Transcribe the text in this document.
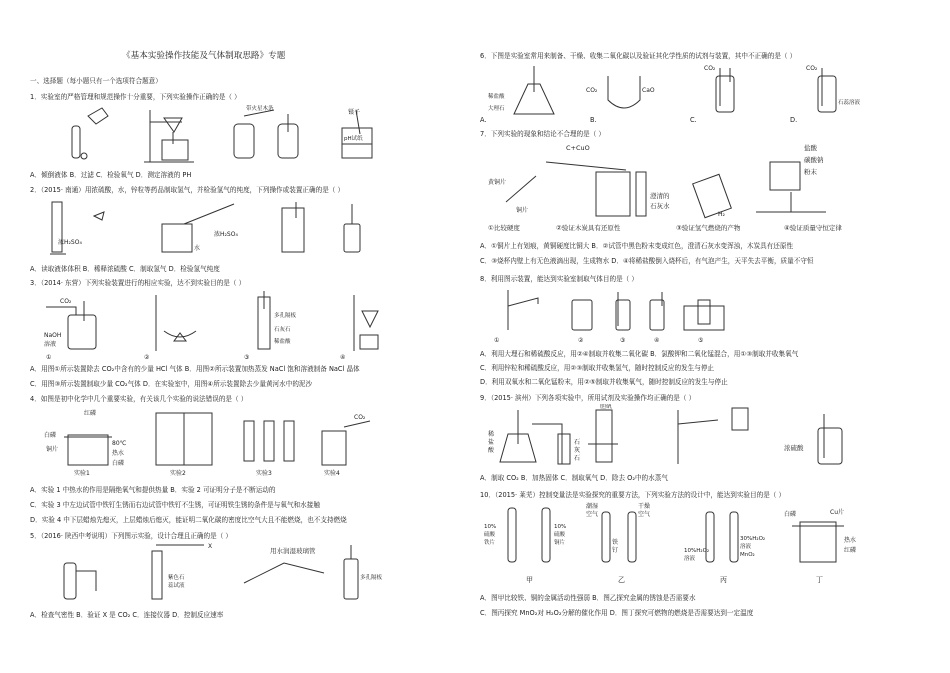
《基本实验操作技能及气体制取思路》专题
一、选择题（每小题只有一个选项符合题意）
1．实验室的严格管理和规范操作十分重要，下列实验操作正确的是（ ）
带火星木条	镊子
pH试纸
A．倾倒液体 B．过滤 C．检验氧气 D．测定溶液的 PH
2．（2015· 南通）用浓硫酸，水，锌粒等药品制取氢气，并检验氢气的纯度，下列操作或装置正确的是（ ）
浓H₂SO₄
浓H₂SO₄
水
A．读取液体体积 B．稀释浓硫酸 C．制取氢气 D．检验氢气纯度
3．（2014· 东营）下列实验装置进行的相应实验，达不到实验目的是（ ）
CO₂
NaOH
溶液
多孔隔板
石灰石
稀盐酸
①	②	③	④
A．用图①所示装置除去 CO₂中含有的少量 HCl 气体 B．用图②所示装置加热蒸发 NaCl 饱和溶液制备 NaCl 晶体
C．用图③所示装置制取少量 CO₂气体 D．在实验室中，用图④所示装置除去少量黄河水中的泥沙
4．如图是初中化学中几个重要实验，有关该几个实验的说法错误的是（ ）
红磷
白磷
铜片
80℃
热水
白磷
实验1	实验2	实验3	实验4
CO₂
A．实验 1 中热水的作用是隔绝氧气和提供热量 B．实验 2 可证明分子是不断运动的
C．实验 3 中左边试管中铁钉生锈而右边试管中铁钉不生锈，可证明铁生锈的条件是与氧气和水接触
D．实验 4 中下层蜡烛先熄灭，上层蜡烛后熄灭，能证明二氧化碳的密度比空气大且不能燃烧，也不支持燃烧
5．（2016· 陕西中考说明）下列图示实验，设计合理且正确的是（ ）
X
紫色石
蕊试液
用水润湿玻璃管
多孔隔板
A．检查气密性 B．验证 X 是 CO₂ C．连接仪器 D．控制反应速率
6．下图是实验室常用来制备、干燥、收集二氧化碳以及验证其化学性质的试剂与装置，其中不正确的是（ ）
稀盐酸
大理石
CO₂	CaO
CO₂	CO₂
石蕊溶液
A.	B.	C.	D.
7．下列实验的现象和结论不合理的是（ ）
C+CuO
黄铜片
铜片
澄清的
石灰水
H₂
盐酸
碳酸钠
粉末
①比较硬度	②验证木炭具有还原性	③验证氢气燃烧的产物	④验证质量守恒定律
A．①铜片上有划痕，黄铜硬度比铜大 B．②试管中黑色粉末变成红色，澄清石灰水变浑浊，木炭具有还原性
C．③烧杯内壁上有无色液滴出现，生成物水 D．④将稀盐酸倒入烧杯后，有气泡产生，天平失去平衡，质量不守恒
8．利用图示装置，能达到实验室制取气体目的是（ ）
①	②	③	④	⑤
A．利用大理石和稀硫酸反应，用②④制取并收集二氧化碳 B．氯酸钾和二氧化锰混合，用①③制取并收集氧气
C．利用锌粒和稀硫酸反应，用②③制取并收集氢气，随时控制反应的发生与停止
D．利用双氧水和二氧化锰粉末，用②⑤制取并收集氧气，随时控制反应的发生与停止
9．（2015· 滨州）下列各项实验中，所用试剂及实验操作均正确的是（ ）
稀
盐
酸
石
灰
石
胆矾
浓硫酸
A．制取 CO₂ B．加热固体 C．制取氧气 D．除去 O₂中的水蒸气
10．（2015· 莱芜）控制变量法是实验探究的重要方法，下列实验方法的设计中，能达到实验目的是（ ）
10%
硫酸
铁片
10%
硫酸
铜片
潮湿
空气
铁
钉
干燥
空气
30%H₂O₂
溶液
10%H₂O₂
溶液
MnO₂
白磷	Cu片
热水
红磷
甲	乙	丙	丁
A．图甲比较铁、铜的金属活动性强弱 B．图乙探究金属的锈蚀是否需要水
C．图丙探究 MnO₂对 H₂O₂分解的催化作用 D．图丁探究可燃物的燃烧是否需要达到一定温度
